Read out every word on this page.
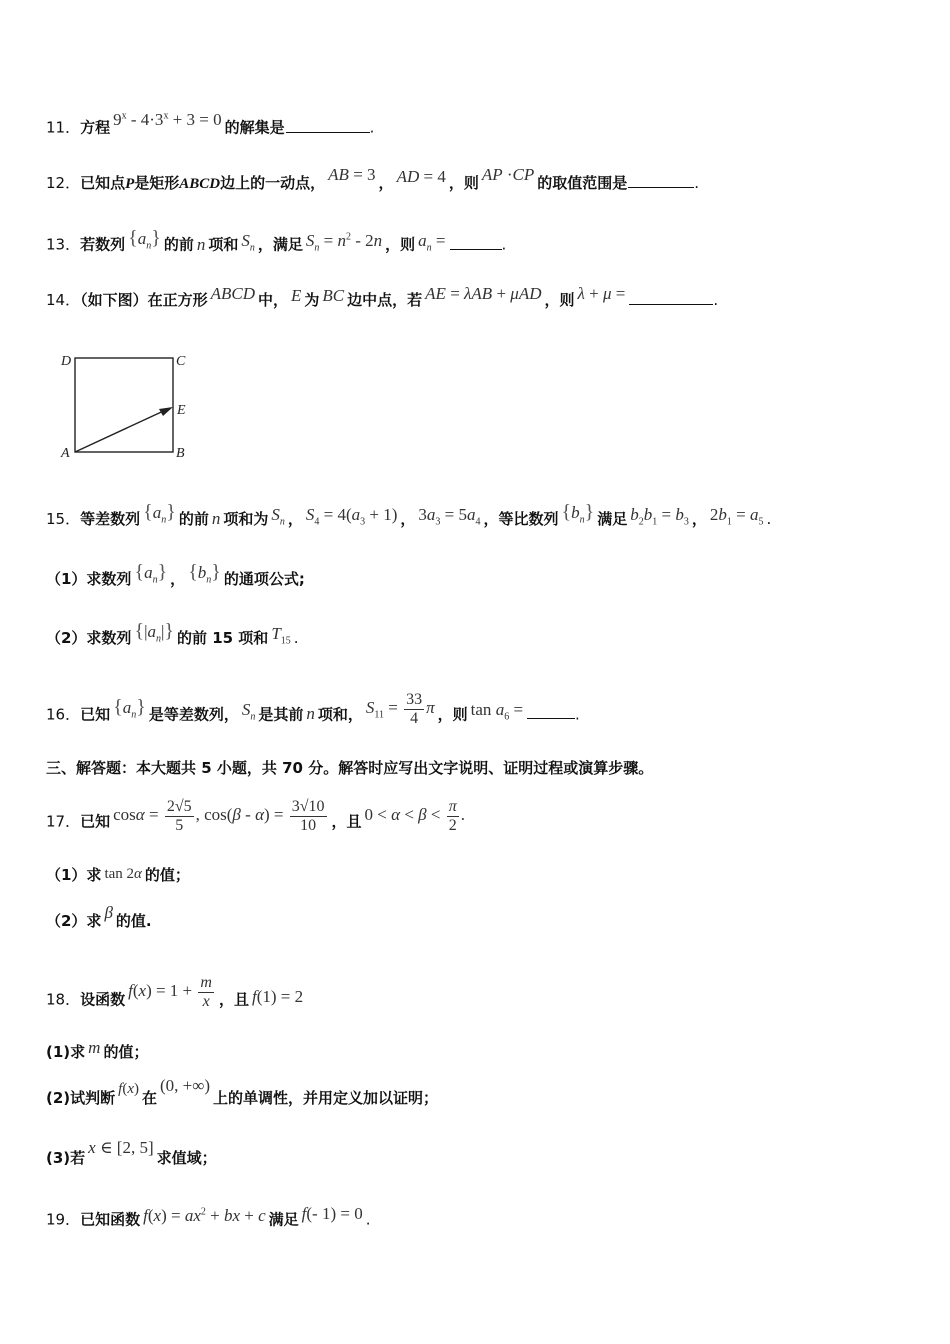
11．方程 $9^x - 4\cdot 3^x + 3 = 0$ 的解集是	.
12．已知点P是矩形ABCD边上的一动点， AB = 3 ， AD = 4 ，则 AP ·CP 的取值范围是	.
13．若数列 $\{a_n\}$ 的前 n 项和 $S_n$ ，满足 $S_n = n^2 - 2n$ ，则 $a_n$ =	.
14．（如下图）在正方形 ABCD 中， E 为 BC 边中点，若 AE = λAB + μAD ，则 λ + μ =	.
D	C
E
A	B
15．等差数列 $\{a_n\}$ 的前 n 项和为 $S_n$ ， $S_4 = 4(a_3 + 1)$ ， $3a_3 = 5a_4$ ，等比数列 $\{b_n\}$ 满足 $b_2b_1 = b_3$ ， $2b_1 = a_5$ .
（1）求数列 $\{a_n\}$ ， $\{b_n\}$ 的通项公式;
（2）求数列 $\{|a_n|\}$ 的前 15 项和 $T_{15}$ .
16．已知 $\{a_n\}$ 是等差数列， $S_n$ 是其前 n 项和， $S_{11} = \frac{33}{4}$ π ，则 $\tan a_6$ =	.
三、解答题：本大题共 5 小题，共 70 分。解答时应写出文字说明、证明过程或演算步骤。
17．已知 $\cos\alpha = \frac{2√5}{5}$ , $\cos(\beta - \alpha) = \frac{3√10}{10}$ ，且 $0 < \alpha < \beta < \frac{\pi}{2}$ .
（1）求 tan 2α 的值；
（2）求 β 的值.
18．设函数 $f(x) = 1 + \frac{m}{x}$ ，且 f(1) = 2
(1)求 m 的值；
(2)试判断 f(x) 在(0, +∞)上的单调性，并用定义加以证明；
(3)若x ∈ [2, 5]求值域；
19．已知函数 $f(x) = ax^2$ + bx + c 满足 f(- 1) = 0 .
